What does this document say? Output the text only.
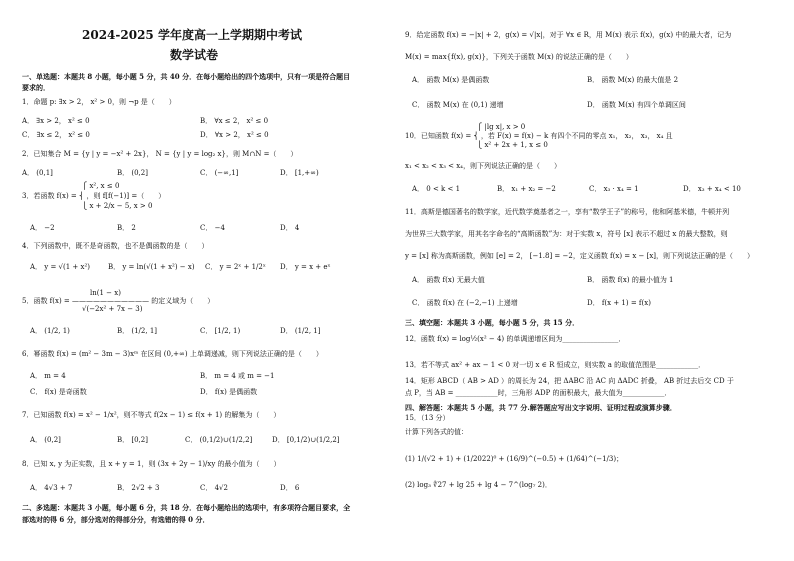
2024-2025 学年度高一上学期期中考试
数学试卷
一、单选题：本题共 8 小题，每小题 5 分，共 40 分．在每小题给出的四个选项中，只有一项是符合题目
要求的．
1．命题 p: ∃x > 2， x² > 0，则 ¬p 是（　　）
A． ∃x > 2， x² ≤ 0	B． ∀x ≤ 2， x² ≤ 0
C． ∃x ≤ 2， x² ≤ 0	D． ∀x > 2， x² ≤ 0
2．已知集合 M = {y | y = −x² + 2x}， N = {y | y = log₂ x}，则 M∩N =（　　）
A． (0,1]	B． (0,2]	C． (−∞,1]	D． [1,+∞)
⎧ x², x ≤ 0
3．若函数 f(x) = ⎨ ，则 f[f(−1)] =（　　）
⎩ x + 2/x − 5, x > 0
A． −2	B． 2	C． −4	D． 4
4．下列函数中，既不是奇函数，也不是偶函数的是（　　）
A． y = √(1 + x²)	B． y = ln(√(1 + x²) − x) C． y = 2ˣ + 1/2ˣ D． y = x + eˣ
ln(1 − x)
5．函数 f(x) = ——————————— 的定义域为（　　）
√(−2x² + 7x − 3)
A． (1/2, 1)	B． (1/2, 1]	C． [1/2, 1)	D． (1/2, 1]
6．幂函数 f(x) = (m² − 3m − 3)xᵐ 在区间 (0,+∞) 上单调递减，则下列说法正确的是（　　）
A． m = 4	B． m = 4 或 m = −1
C． f(x) 是奇函数	D． f(x) 是偶函数
7．已知函数 f(x) = x² − 1/x²，则不等式 f(2x − 1) ≤ f(x + 1) 的解集为（　　）
A． (0,2]	B． [0,2]	C． (0,1/2)∪(1/2,2]	D． [0,1/2)∪(1/2,2]
8．已知 x, y 为正实数，且 x + y = 1，则 (3x + 2y − 1)/xy 的最小值为（　　）
A． 4√3 + 7	B． 2√2 + 3	C． 4√2	D． 6
二、多选题：本题共 3 小题，每小题 6 分，共 18 分．在每小题给出的选项中，有多项符合题目要求，全
部选对的得 6 分，部分选对的得部分分，有选错的得 0 分．
9．给定函数 f(x) = −|x| + 2，g(x) = √|x|，对于 ∀x ∈ R，用 M(x) 表示 f(x)，g(x) 中的最大者，记为
M(x) = max{f(x), g(x)}，下列关于函数 M(x) 的说法正确的是（　　）
A． 函数 M(x) 是偶函数	B． 函数 M(x) 的最大值是 2
C． 函数 M(x) 在 (0,1) 递增	D． 函数 M(x) 有四个单调区间
⎧ |lg x|, x > 0
10．已知函数 f(x) = ⎨ ，若 F(x) = f(x) − k 有四个不同的零点 x₁， x₂， x₃， x₄ 且
⎩ x² + 2x + 1, x ≤ 0
x₁ < x₂ < x₃ < x₄，则下列说法正确的是（　　）
A． 0 < k < 1	B． x₁ + x₂ = −2	C． x₃ · x₄ = 1	D． x₃ + x₄ < 10
11．高斯是德国著名的数学家，近代数学奠基者之一，享有“数学王子”的称号，他和阿基米德，牛顿并列
为世界三大数学家，用其名字命名的“高斯函数”为：对于实数 x，符号 [x] 表示不超过 x 的最大整数，则
y = [x] 称为高斯函数，例如 [e] = 2， [−1.8] = −2，定义函数 f(x) = x − [x]，则下列说法正确的是（　　）
A． 函数 f(x) 无最大值	B． 函数 f(x) 的最小值为 1
C． 函数 f(x) 在 (−2,−1) 上递增	D． f(x + 1) = f(x)
三、填空题：本题共 3 小题，每小题 5 分，共 15 分．
12．函数 f(x) = log½(x² − 4) 的单调递增区间为________________．
13．若不等式 ax² + ax − 1 < 0 对一切 x ∈ R 恒成立，则实数 a 的取值范围是____________．
14．矩形 ABCD（ AB > AD ）的周长为 24，把 ΔABC 沿 AC 向 ΔADC 折叠， AB 折过去后交 CD 于
点 P，当 AB = ____________时，三角形 ADP 的面积最大，最大值为____________．
四、解答题：本题共 5 小题，共 77 分.解答题应写出文字说明、证明过程或演算步骤．
15．（13 分）
计算下列各式的值：
(1) 1/(√2 + 1) + (1/2022)⁰ + (16/9)^(−0.5) + (1/64)^(−1/3)；
(2) log₃ ∜27 + lg 25 + lg 4 − 7^(log₇ 2)．
